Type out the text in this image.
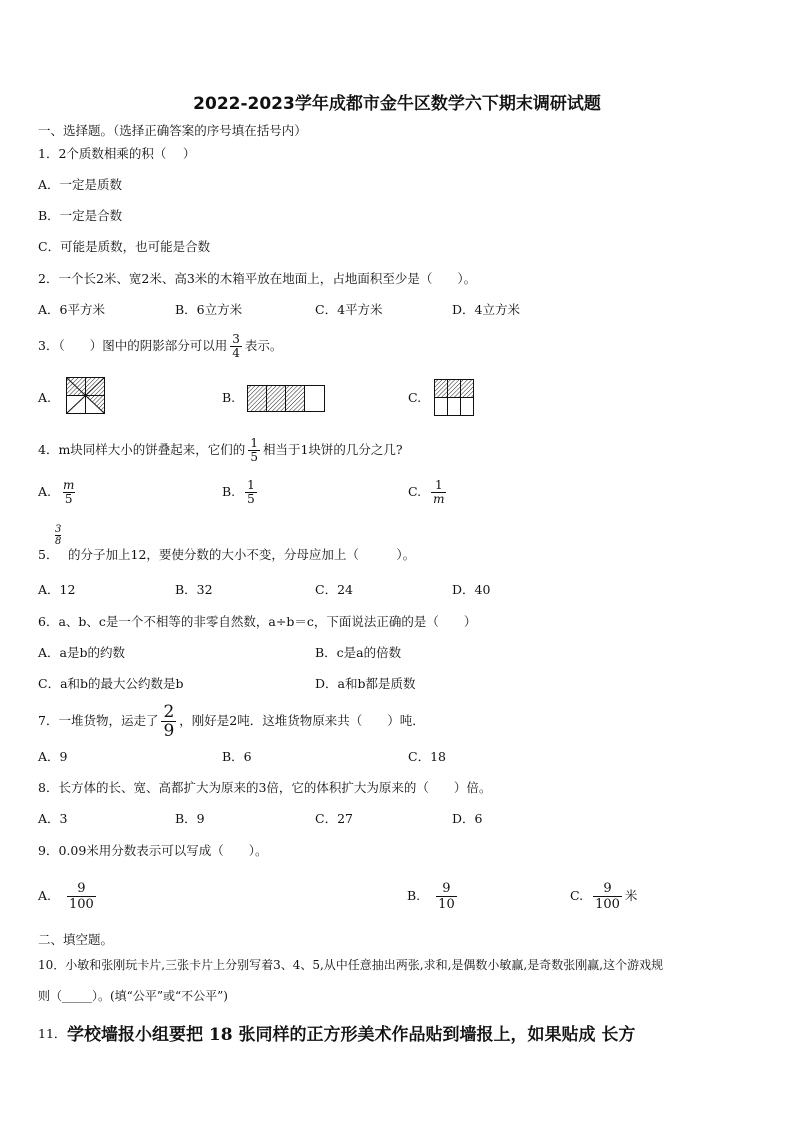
2022-2023学年成都市金牛区数学六下期末调研试题
一、选择题。（选择正确答案的序号填在括号内）
1．2个质数相乘的积（　 ）
A．一定是质数
B．一定是合数
C．可能是质数，也可能是合数
2．一个长2米、宽2米、高3米的木箱平放在地面上，占地面积至少是（　　）。
A．6平方米	B．6立方米	C．4平方米	D．4立方米
3．（　　）图中的阴影部分可以用 $\frac{3}{4}$ 表示。
A.	B.	C.
4．m块同样大小的饼叠起来，它们的 $\frac{1}{5}$ 相当于1块饼的几分之几?
A. $\frac{m}{5}$	B. $\frac{1}{5}$	C. $\frac{1}{m}$
$\frac{3}{8}$
5． 的分子加上12，要使分数的大小不变，分母应加上（　　　）。
A．12	B．32	C．24	D．40
6．a、b、c是一个不相等的非零自然数，a÷b＝c，下面说法正确的是（　　）
A．a是b的约数	B．c是a的倍数
C．a和b的最大公约数是b	D．a和b都是质数
7．一堆货物，运走了 $\frac{2}{9}$ ，刚好是2吨．这堆货物原来共（　　）吨．
A．9	B．6	C．18
8．长方体的长、宽、高都扩大为原来的3倍，它的体积扩大为原来的（　　）倍。
A．3	B．9	C．27	D．6
9．0.09米用分数表示可以写成（　　）。
A. $\frac{9}{100}$	B. $\frac{9}{10}$	C. $\frac{9}{100}$ 米
二、填空题。
10．小敏和张刚玩卡片,三张卡片上分别写着3、4、5,从中任意抽出两张,求和,是偶数小敏赢,是奇数张刚赢,这个游戏规
则（_____）。(填“公平”或“不公平”)
11． 学校墙报小组要把 18 张同样的正方形美术作品贴到墙报上，如果贴成 长方
